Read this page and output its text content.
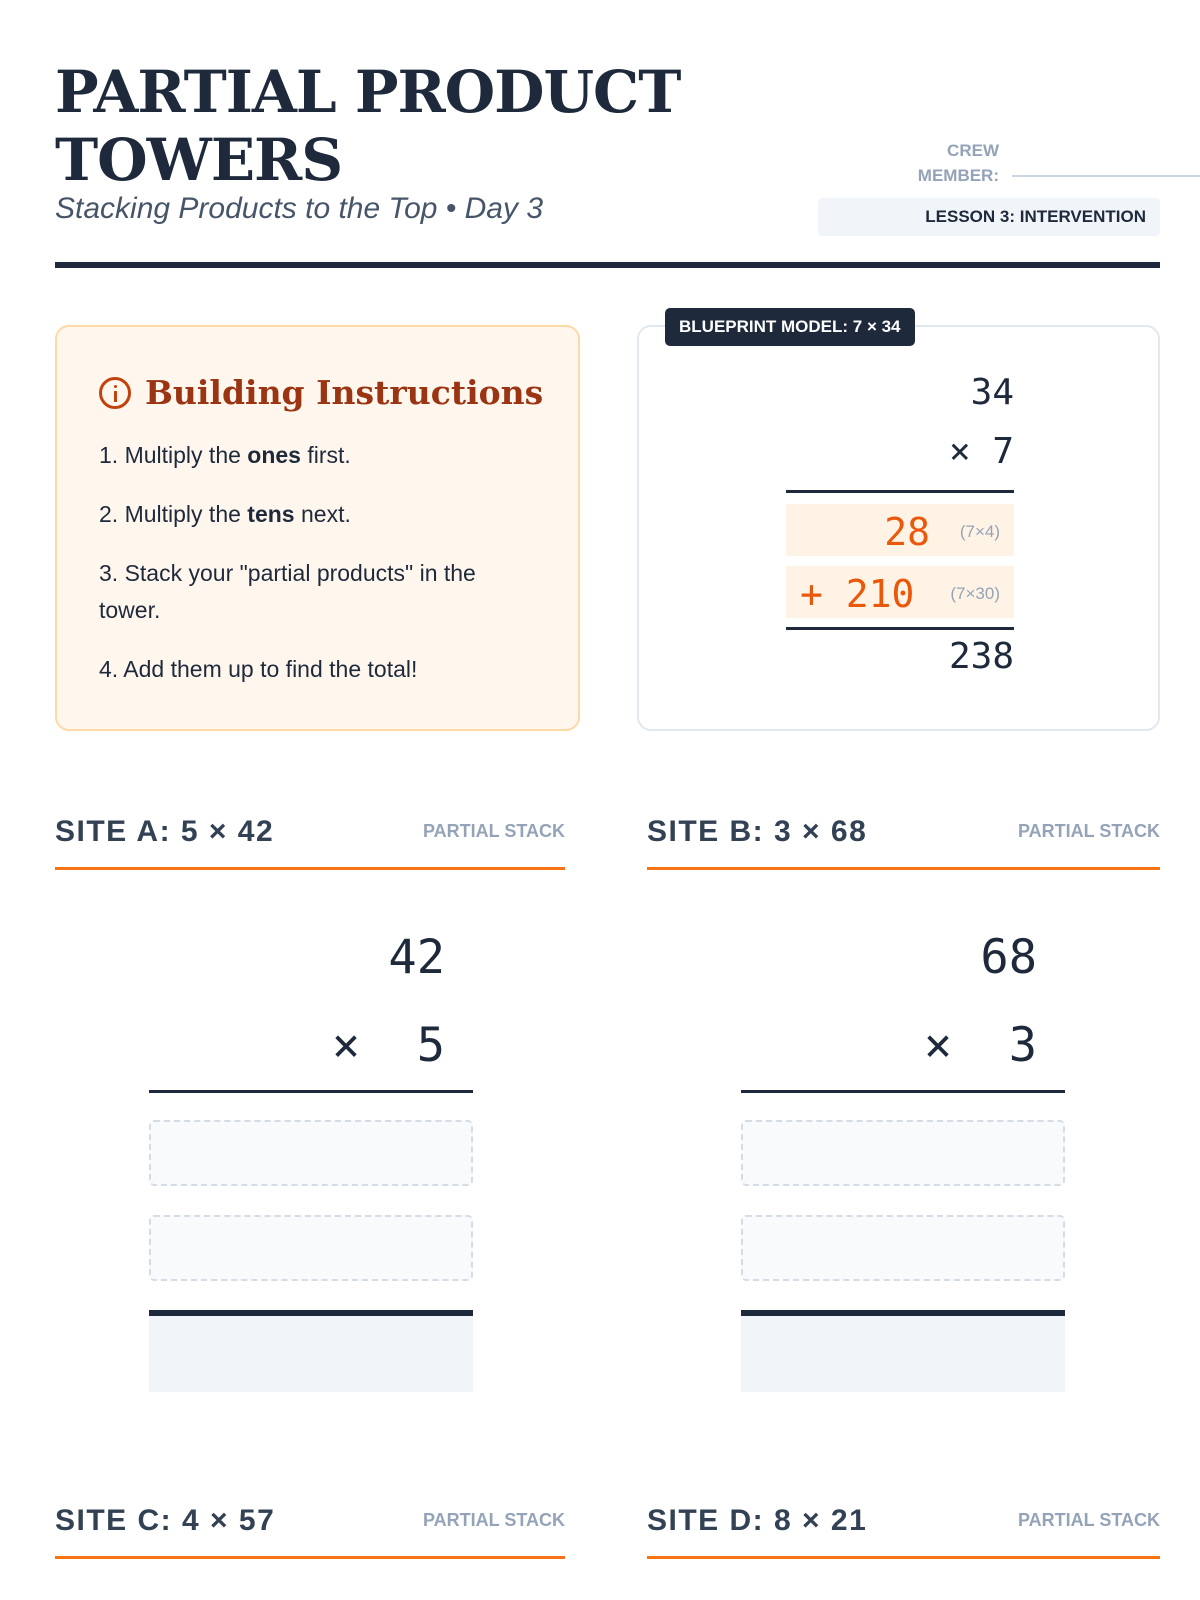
PARTIAL PRODUCT TOWERS
Stacking Products to the Top • Day 3
CREW MEMBER:
LESSON 3: INTERVENTION
Building Instructions
1. Multiply the ones first.
2. Multiply the tens next.
3. Stack your "partial products" in the tower.
4. Add them up to find the total!
BLUEPRINT MODEL: 7 × 34
34
× 7
28 (7×4)
+ 210 (7×30)
238
SITE A: 5 × 42	PARTIAL STACK
42
×  5
SITE B: 3 × 68	PARTIAL STACK
68
×  3
SITE C: 4 × 57	PARTIAL STACK	SITE D: 8 × 21	PARTIAL STACK
